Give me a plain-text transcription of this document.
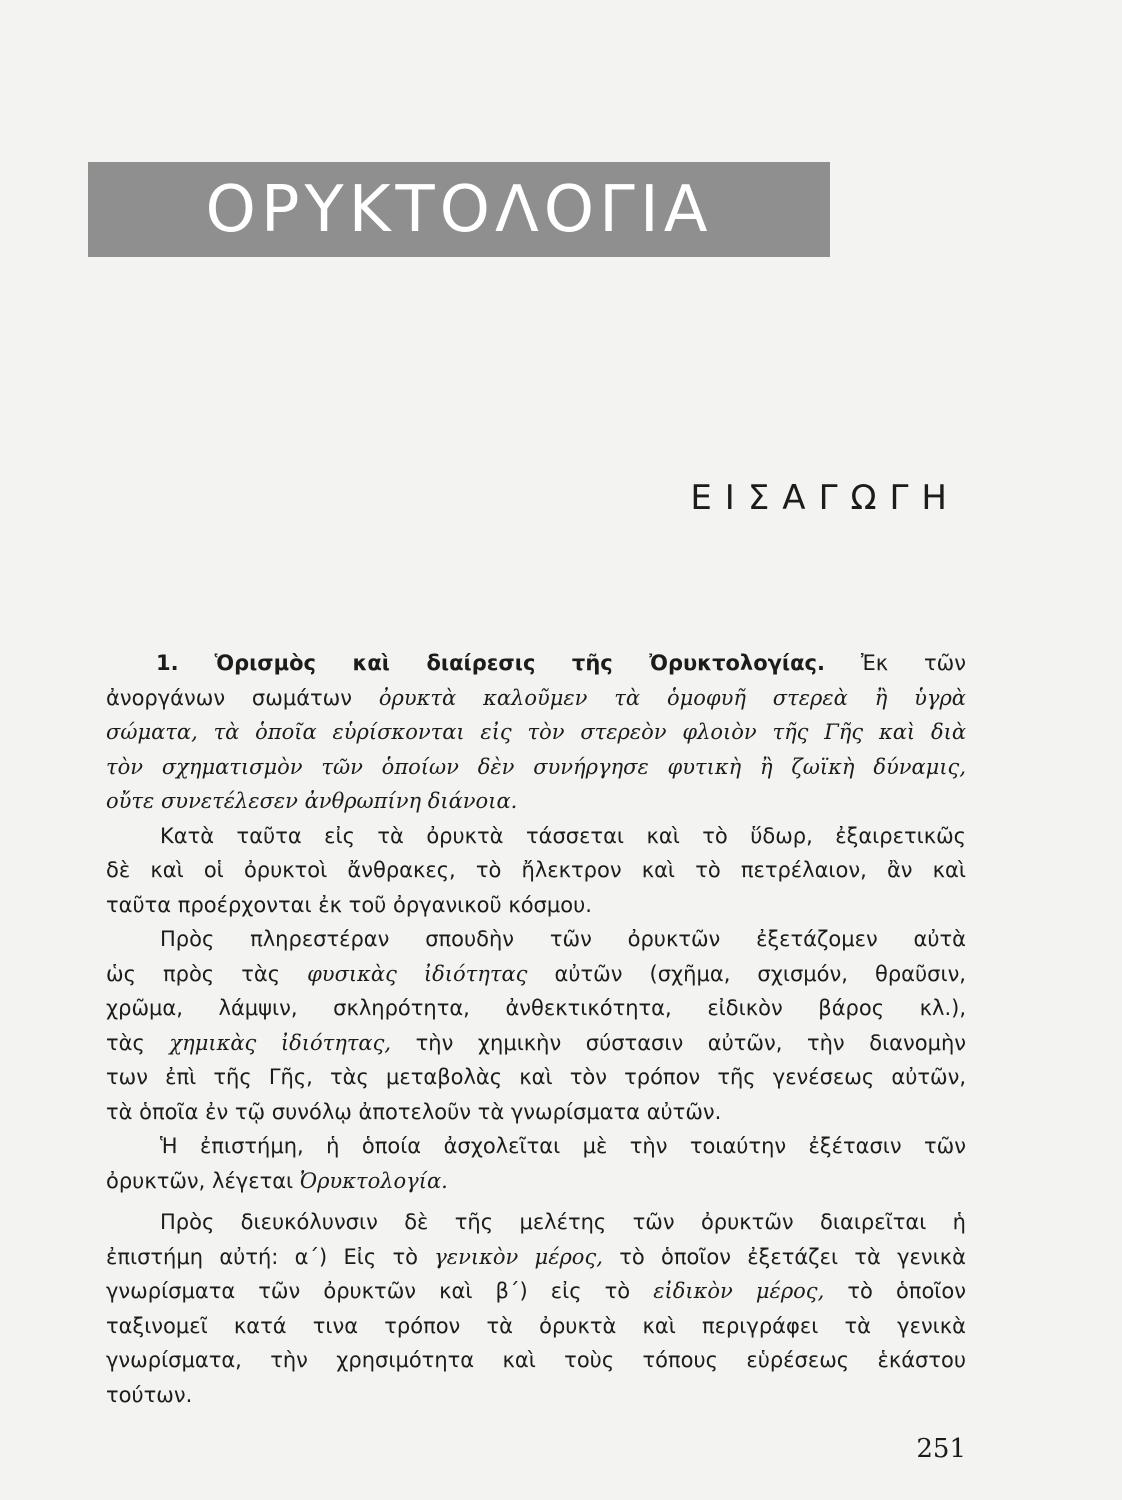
ΟΡΥΚΤΟΛΟΓΙΑ
ΕΙΣΑΓΩΓΗ
1. Ὁρισμὸς καὶ διαίρεσις τῆς Ὀρυκτολογίας. Ἐκ τῶν
ἀνοργάνων σωμάτων ὀρυκτὰ καλοῦμεν τὰ ὁμοφυῆ στερεὰ ἢ ὑγρὰ
σώματα, τὰ ὁποῖα εὑρίσκονται εἰς τὸν στερεὸν φλοιὸν τῆς Γῆς καὶ διὰ
τὸν σχηματισμὸν τῶν ὁποίων δὲν συνήργησε φυτικὴ ἢ ζωϊκὴ δύναμις,
οὔτε συνετέλεσεν ἀνθρωπίνη διάνοια.
Κατὰ ταῦτα εἰς τὰ ὀρυκτὰ τάσσεται καὶ τὸ ὕδωρ, ἐξαιρετικῶς
δὲ καὶ οἱ ὀρυκτοὶ ἄνθρακες, τὸ ἤλεκτρον καὶ τὸ πετρέλαιον, ἂν καὶ
ταῦτα προέρχονται ἐκ τοῦ ὀργανικοῦ κόσμου.
Πρὸς πληρεστέραν σπουδὴν τῶν ὀρυκτῶν ἐξετάζομεν αὐτὰ
ὡς πρὸς τὰς φυσικὰς ἰδιότητας αὐτῶν (σχῆμα, σχισμόν, θραῦσιν,
χρῶμα, λάμψιν, σκληρότητα, ἀνθεκτικότητα, εἰδικὸν βάρος κλ.),
τὰς χημικὰς ἰδιότητας, τὴν χημικὴν σύστασιν αὐτῶν, τὴν διανομὴν
των ἐπὶ τῆς Γῆς, τὰς μεταβολὰς καὶ τὸν τρόπον τῆς γενέσεως αὐτῶν,
τὰ ὁποῖα ἐν τῷ συνόλῳ ἀποτελοῦν τὰ γνωρίσματα αὐτῶν.
Ἡ ἐπιστήμη, ἡ ὁποία ἀσχολεῖται μὲ τὴν τοιαύτην ἐξέτασιν τῶν
ὀρυκτῶν, λέγεται Ὀρυκτολογία.
Πρὸς διευκόλυνσιν δὲ τῆς μελέτης τῶν ὀρυκτῶν διαιρεῖται ἡ
ἐπιστήμη αὐτή: α΄) Εἰς τὸ γενικὸν μέρος, τὸ ὁποῖον ἐξετάζει τὰ γενικὰ
γνωρίσματα τῶν ὀρυκτῶν καὶ β΄) εἰς τὸ εἰδικὸν μέρος, τὸ ὁποῖον
ταξινομεῖ κατά τινα τρόπον τὰ ὀρυκτὰ καὶ περιγράφει τὰ γενικὰ
γνωρίσματα, τὴν χρησιμότητα καὶ τοὺς τόπους εὑρέσεως ἑκάστου
τούτων.
251
